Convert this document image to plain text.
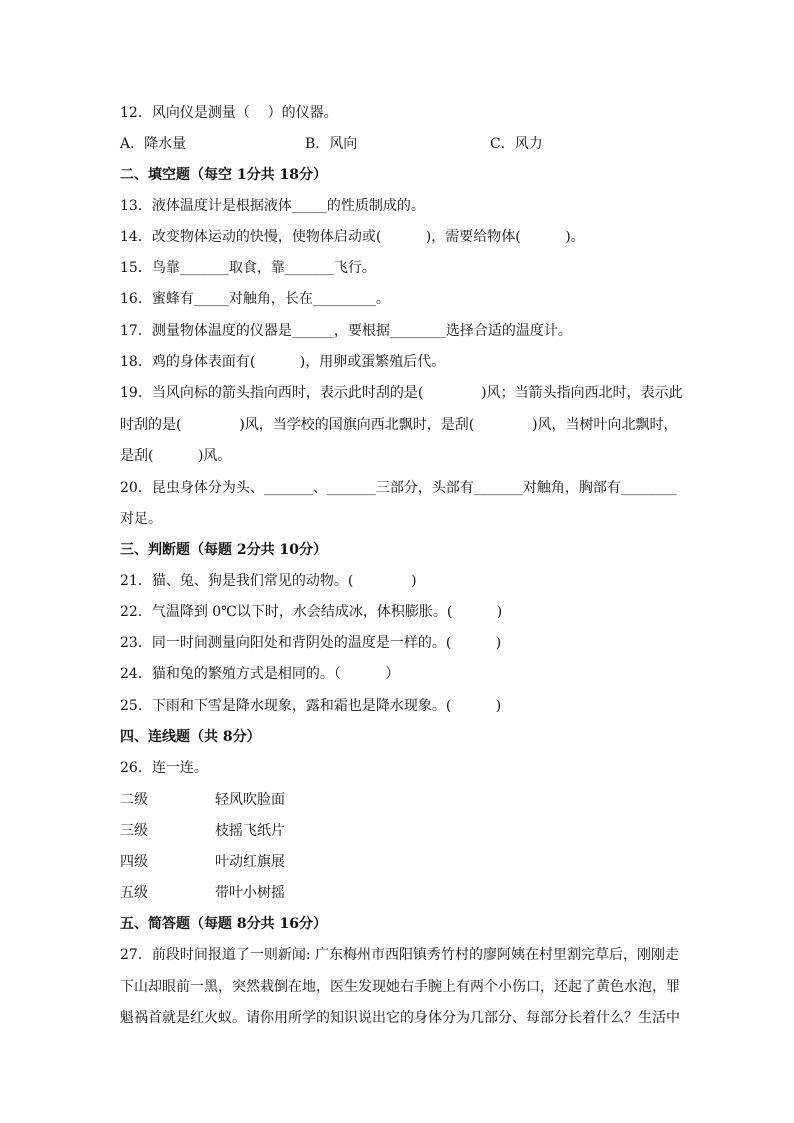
12．风向仪是测量（    ）的仪器。
A．降水量	B．风向	C．风力
二、填空题（每空 1分共 18分）
13．液体温度计是根据液体_____的性质制成的。
14．改变物体运动的快慢，使物体启动或(          )，需要给物体(          )。
15．鸟靠_______取食，靠_______飞行。
16．蜜蜂有_____对触角，长在_________。
17．测量物体温度的仪器是______，要根据________选择合适的温度计。
18．鸡的身体表面有(          )，用卵或蛋繁殖后代。
19．当风向标的箭头指向西时，表示此时刮的是(             )风；当箭头指向西北时，表示此
时刮的是(             )风，当学校的国旗向西北飘时，是刮(             )风，当树叶向北飘时，
是刮(          )风。
20．昆虫身体分为头、_______、_______三部分，头部有_______对触角，胸部有________
对足。
三、判断题（每题 2分共 10分）
21．猫、兔、狗是我们常见的动物。(             )
22．气温降到 0℃以下时，水会结成冰，体积膨胀。(          )
23．同一时间测量向阳处和背阴处的温度是一样的。(          )
24．猫和兔的繁殖方式是相同的。（          ）
25．下雨和下雪是降水现象，露和霜也是降水现象。(          )
四、连线题（共 8分）
26．连一连。
二级	轻风吹脸面
三级	枝摇飞纸片
四级	叶动红旗展
五级	带叶小树摇
五、简答题（每题 8分共 16分）
27．前段时间报道了一则新闻: 广东梅州市西阳镇秀竹村的廖阿姨在村里割完草后，刚刚走
下山却眼前一黑，突然栽倒在地，医生发现她右手腕上有两个小伤口，还起了黄色水泡，罪
魁祸首就是红火蚁。请你用所学的知识说出它的身体分为几部分、每部分长着什么？生活中
